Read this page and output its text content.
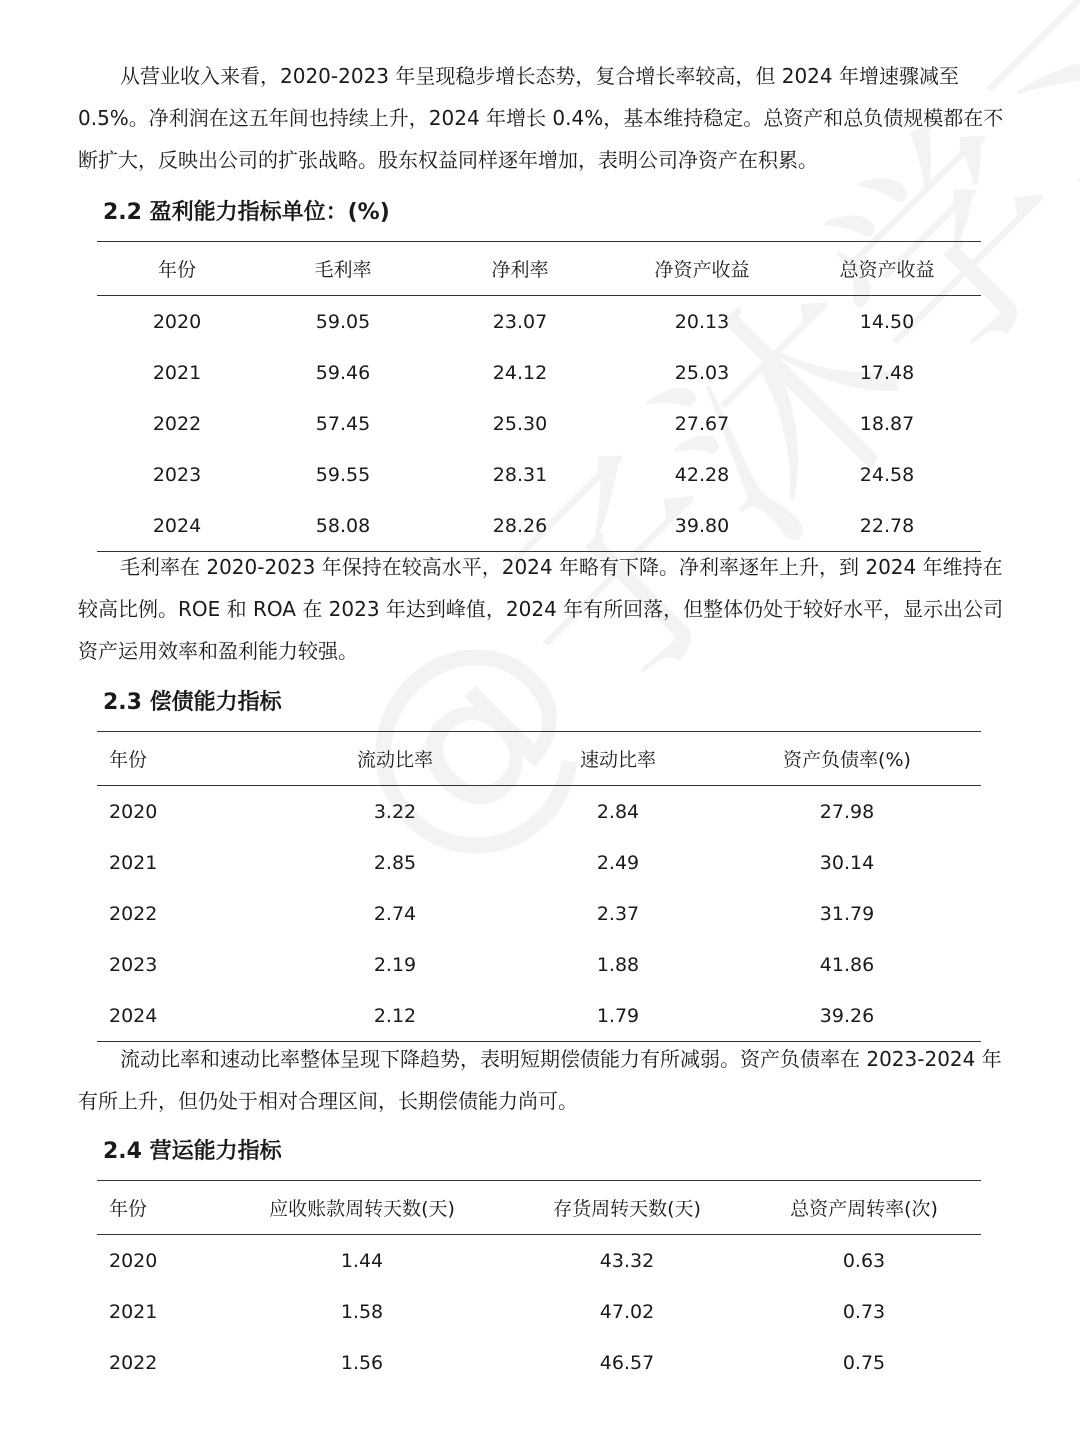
从营业收入来看，2020-2023 年呈现稳步增长态势，复合增长率较高，但 2024 年增速骤减至 0.5%。净利润在这五年间也持续上升，2024 年增长 0.4%，基本维持稳定。总资产和总负债规模都在不断扩大，反映出公司的扩张战略。股东权益同样逐年增加，表明公司净资产在积累。

2.2 盈利能力指标单位：(%)
年份	毛利率	净利率	净资产收益	总资产收益
2020	59.05	23.07	20.13	14.50
2021	59.46	24.12	25.03	17.48
2022	57.45	25.30	27.67	18.87
2023	59.55	28.31	42.28	24.58
2024	58.08	28.26	39.80	22.78

毛利率在 2020-2023 年保持在较高水平，2024 年略有下降。净利率逐年上升，到 2024 年维持在较高比例。ROE 和 ROA 在 2023 年达到峰值，2024 年有所回落，但整体仍处于较好水平，显示出公司资产运用效率和盈利能力较强。

2.3 偿债能力指标
年份	流动比率	速动比率	资产负债率(%)
2020	3.22	2.84	27.98
2021	2.85	2.49	30.14
2022	2.74	2.37	31.79
2023	2.19	1.88	41.86
2024	2.12	1.79	39.26

流动比率和速动比率整体呈现下降趋势，表明短期偿债能力有所减弱。资产负债率在 2023-2024 年有所上升，但仍处于相对合理区间，长期偿债能力尚可。

2.4 营运能力指标
年份	应收账款周转天数(天)	存货周转天数(天)	总资产周转率(次)
2020	1.44	43.32	0.63
2021	1.58	47.02	0.73
2022	1.56	46.57	0.75
